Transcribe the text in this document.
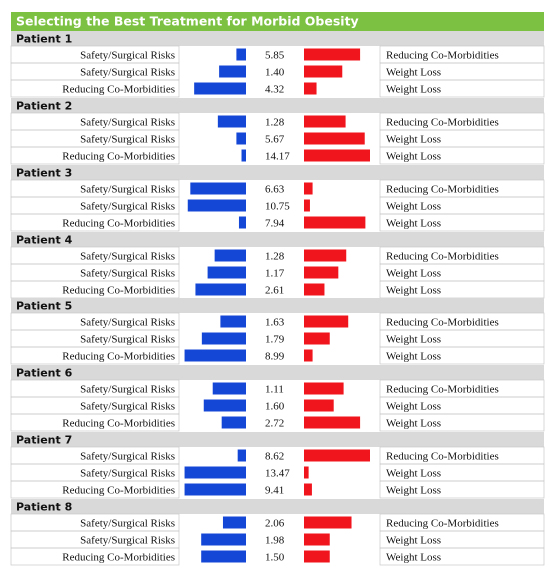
Selecting the Best Treatment for Morbid Obesity
Patient 1
Safety/Surgical Risks	5.85	Reducing Co-Morbidities
Safety/Surgical Risks	1.40	Weight Loss
Reducing Co-Morbidities	4.32	Weight Loss
Patient 2
Safety/Surgical Risks	1.28	Reducing Co-Morbidities
Safety/Surgical Risks	5.67	Weight Loss
Reducing Co-Morbidities	14.17	Weight Loss
Patient 3
Safety/Surgical Risks	6.63	Reducing Co-Morbidities
Safety/Surgical Risks	10.75	Weight Loss
Reducing Co-Morbidities	7.94	Weight Loss
Patient 4
Safety/Surgical Risks	1.28	Reducing Co-Morbidities
Safety/Surgical Risks	1.17	Weight Loss
Reducing Co-Morbidities	2.61	Weight Loss
Patient 5
Safety/Surgical Risks	1.63	Reducing Co-Morbidities
Safety/Surgical Risks	1.79	Weight Loss
Reducing Co-Morbidities	8.99	Weight Loss
Patient 6
Safety/Surgical Risks	1.11	Reducing Co-Morbidities
Safety/Surgical Risks	1.60	Weight Loss
Reducing Co-Morbidities	2.72	Weight Loss
Patient 7
Safety/Surgical Risks	8.62	Reducing Co-Morbidities
Safety/Surgical Risks	13.47	Weight Loss
Reducing Co-Morbidities	9.41	Weight Loss
Patient 8
Safety/Surgical Risks	2.06	Reducing Co-Morbidities
Safety/Surgical Risks	1.98	Weight Loss
Reducing Co-Morbidities	1.50	Weight Loss
